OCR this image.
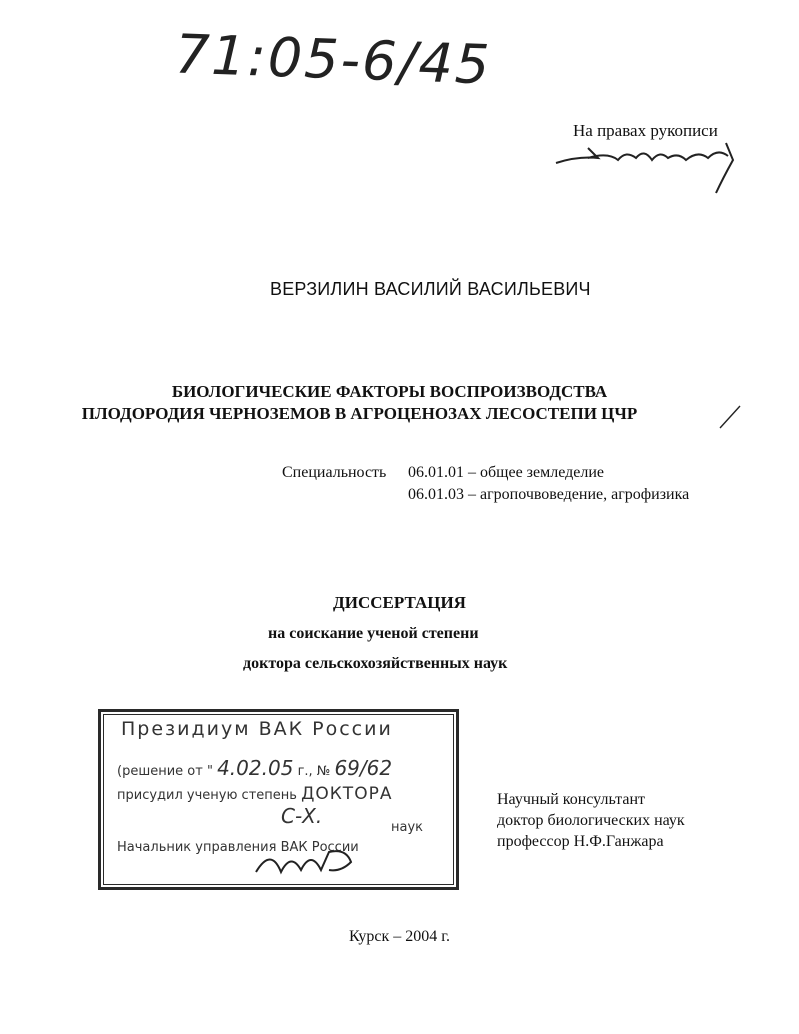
71:05-6/45
На правах рукописи
ВЕРЗИЛИН ВАСИЛИЙ ВАСИЛЬЕВИЧ
БИОЛОГИЧЕСКИЕ ФАКТОРЫ ВОСПРОИЗВОДСТВА
ПЛОДОРОДИЯ ЧЕРНОЗЕМОВ В АГРОЦЕНОЗАХ ЛЕСОСТЕПИ ЦЧР
Специальность 06.01.01 – общее земледелие
06.01.03 – агропочвоведение, агрофизика
ДИССЕРТАЦИЯ
на соискание ученой степени
доктора сельскохозяйственных наук
Президиум ВАК России
(решение от " 4.02.05 г., № 69/62
присудил ученую степень ДОКТОРА
С-Х.	наук
Начальник управления ВАК России
Научный консультант
доктор биологических наук
профессор Н.Ф.Ганжара
Курск – 2004 г.
